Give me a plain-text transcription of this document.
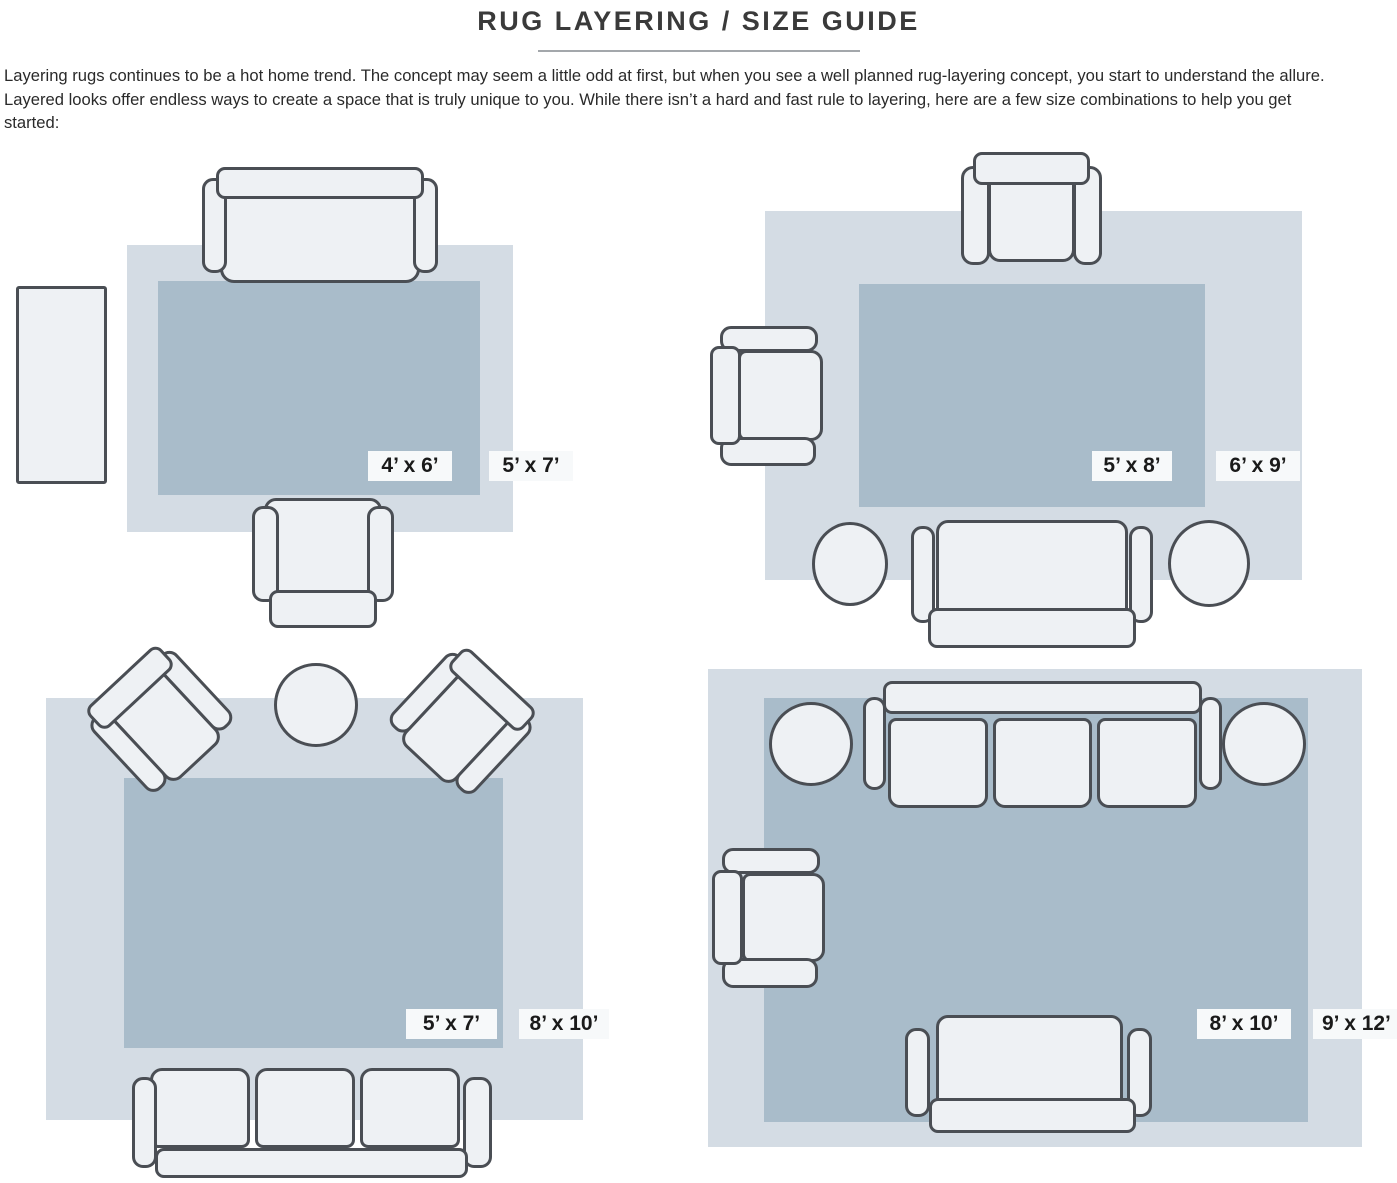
RUG LAYERING / SIZE GUIDE

Layering rugs continues to be a hot home trend. The concept may seem a little odd at first, but when you see a well planned rug-layering concept, you start to understand the allure. Layered looks offer endless ways to create a space that is truly unique to you. While there isn’t a hard and fast rule to layering, here are a few size combinations to help you get started:

4’ x 6’	5’ x 7’	5’ x 8’	6’ x 9’
5’ x 7’	8’ x 10’	8’ x 10’	9’ x 12’
